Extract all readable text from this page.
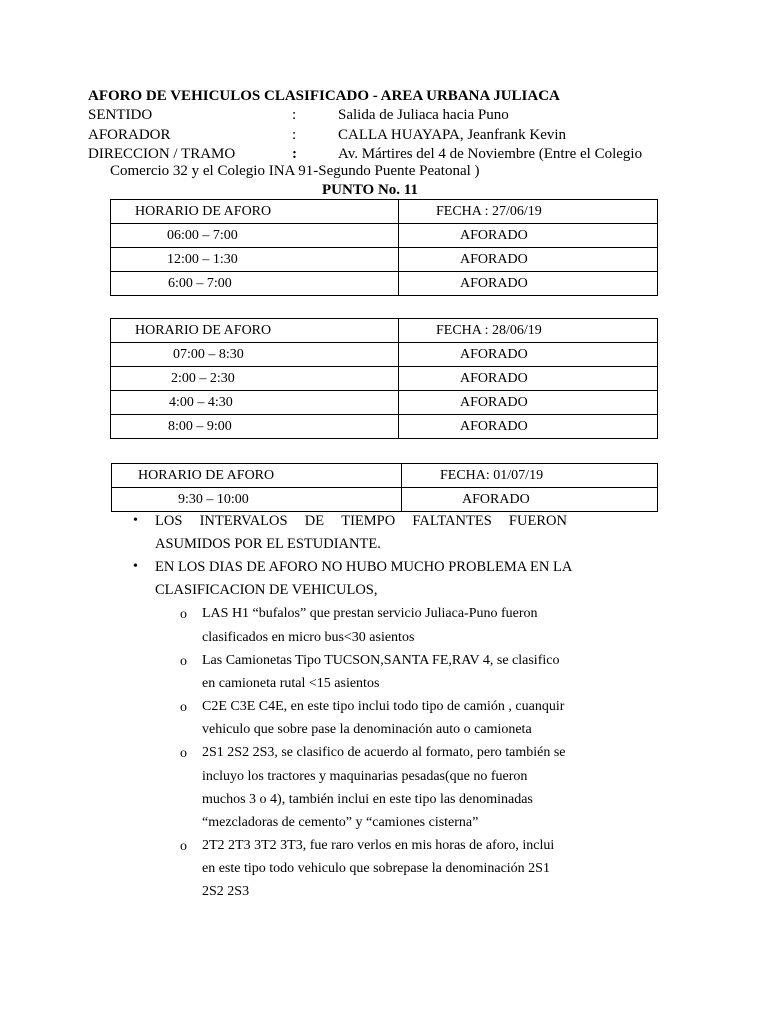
AFORO DE VEHICULOS CLASIFICADO - AREA URBANA JULIACA
SENTIDO	:	Salida de Juliaca hacia Puno
AFORADOR	:	CALLA HUAYAPA, Jeanfrank Kevin
DIRECCION / TRAMO	:	Av. Mártires del 4 de Noviembre (Entre el Colegio
Comercio 32 y el Colegio INA 91-Segundo Puente Peatonal )
PUNTO No. 11
HORARIO DE AFORO	FECHA : 27/06/19
06:00 – 7:00	AFORADO
12:00 – 1:30	AFORADO
6:00 – 7:00	AFORADO
HORARIO DE AFORO	FECHA : 28/06/19
07:00 – 8:30	AFORADO
2:00 – 2:30	AFORADO
4:00 – 4:30	AFORADO
8:00 – 9:00	AFORADO
HORARIO DE AFORO	FECHA: 01/07/19
9:30 – 10:00	AFORADO
• LOS INTERVALOS DE TIEMPO FALTANTES FUERON
ASUMIDOS POR EL ESTUDIANTE.
• EN LOS DIAS DE AFORO NO HUBO MUCHO PROBLEMA EN LA
CLASIFICACION DE VEHICULOS,
o LAS H1 “bufalos” que prestan servicio Juliaca-Puno fueron
clasificados en micro bus<30 asientos
o Las Camionetas Tipo TUCSON,SANTA FE,RAV 4, se clasifico
en camioneta rutal <15 asientos
o C2E C3E C4E, en este tipo inclui todo tipo de camión , cuanquir
vehiculo que sobre pase la denominación auto o camioneta
o 2S1 2S2 2S3, se clasifico de acuerdo al formato, pero también se
incluyo los tractores y maquinarias pesadas(que no fueron
muchos 3 o 4), también inclui en este tipo las denominadas
“mezcladoras de cemento” y “camiones cisterna”
o 2T2 2T3 3T2 3T3, fue raro verlos en mis horas de aforo, inclui
en este tipo todo vehiculo que sobrepase la denominación 2S1
2S2 2S3
